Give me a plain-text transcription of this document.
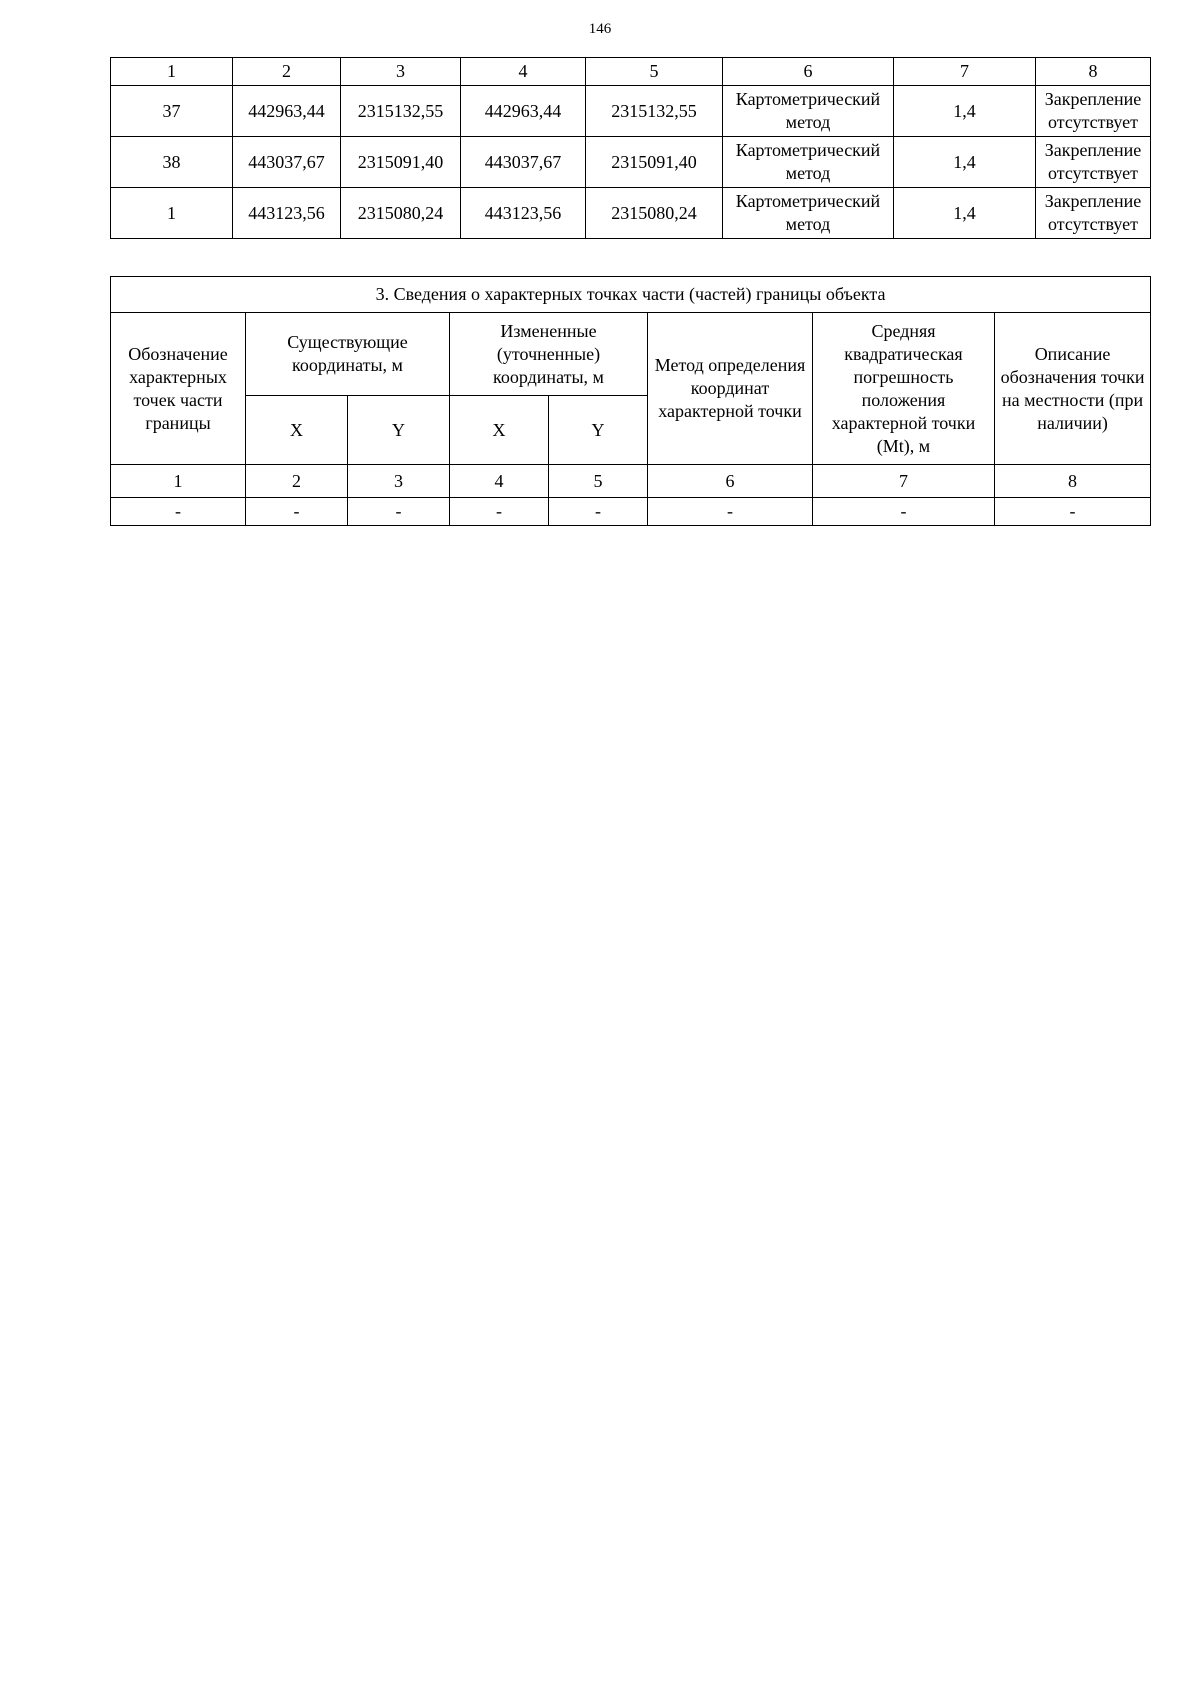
146
1	2	3	4	5	6	7	8
37	442963,44	2315132,55	442963,44	2315132,55	Картометрический метод	1,4	Закрепление отсутствует
38	443037,67	2315091,40	443037,67	2315091,40	Картометрический метод	1,4	Закрепление отсутствует
1	443123,56	2315080,24	443123,56	2315080,24	Картометрический метод	1,4	Закрепление отсутствует
3. Сведения о характерных точках части (частей) границы объекта							
Обозначение характерных точек части границы	Существующие координаты, м		Измененные (уточненные) координаты, м		Метод определения координат характерной точки	Средняя квадратическая погрешность положения характерной точки (Mt), м	Описание обозначения точки на местности (при наличии)
	X	Y	X	Y			
1	2	3	4	5	6	7	8
-	-	-	-	-	-	-	-
